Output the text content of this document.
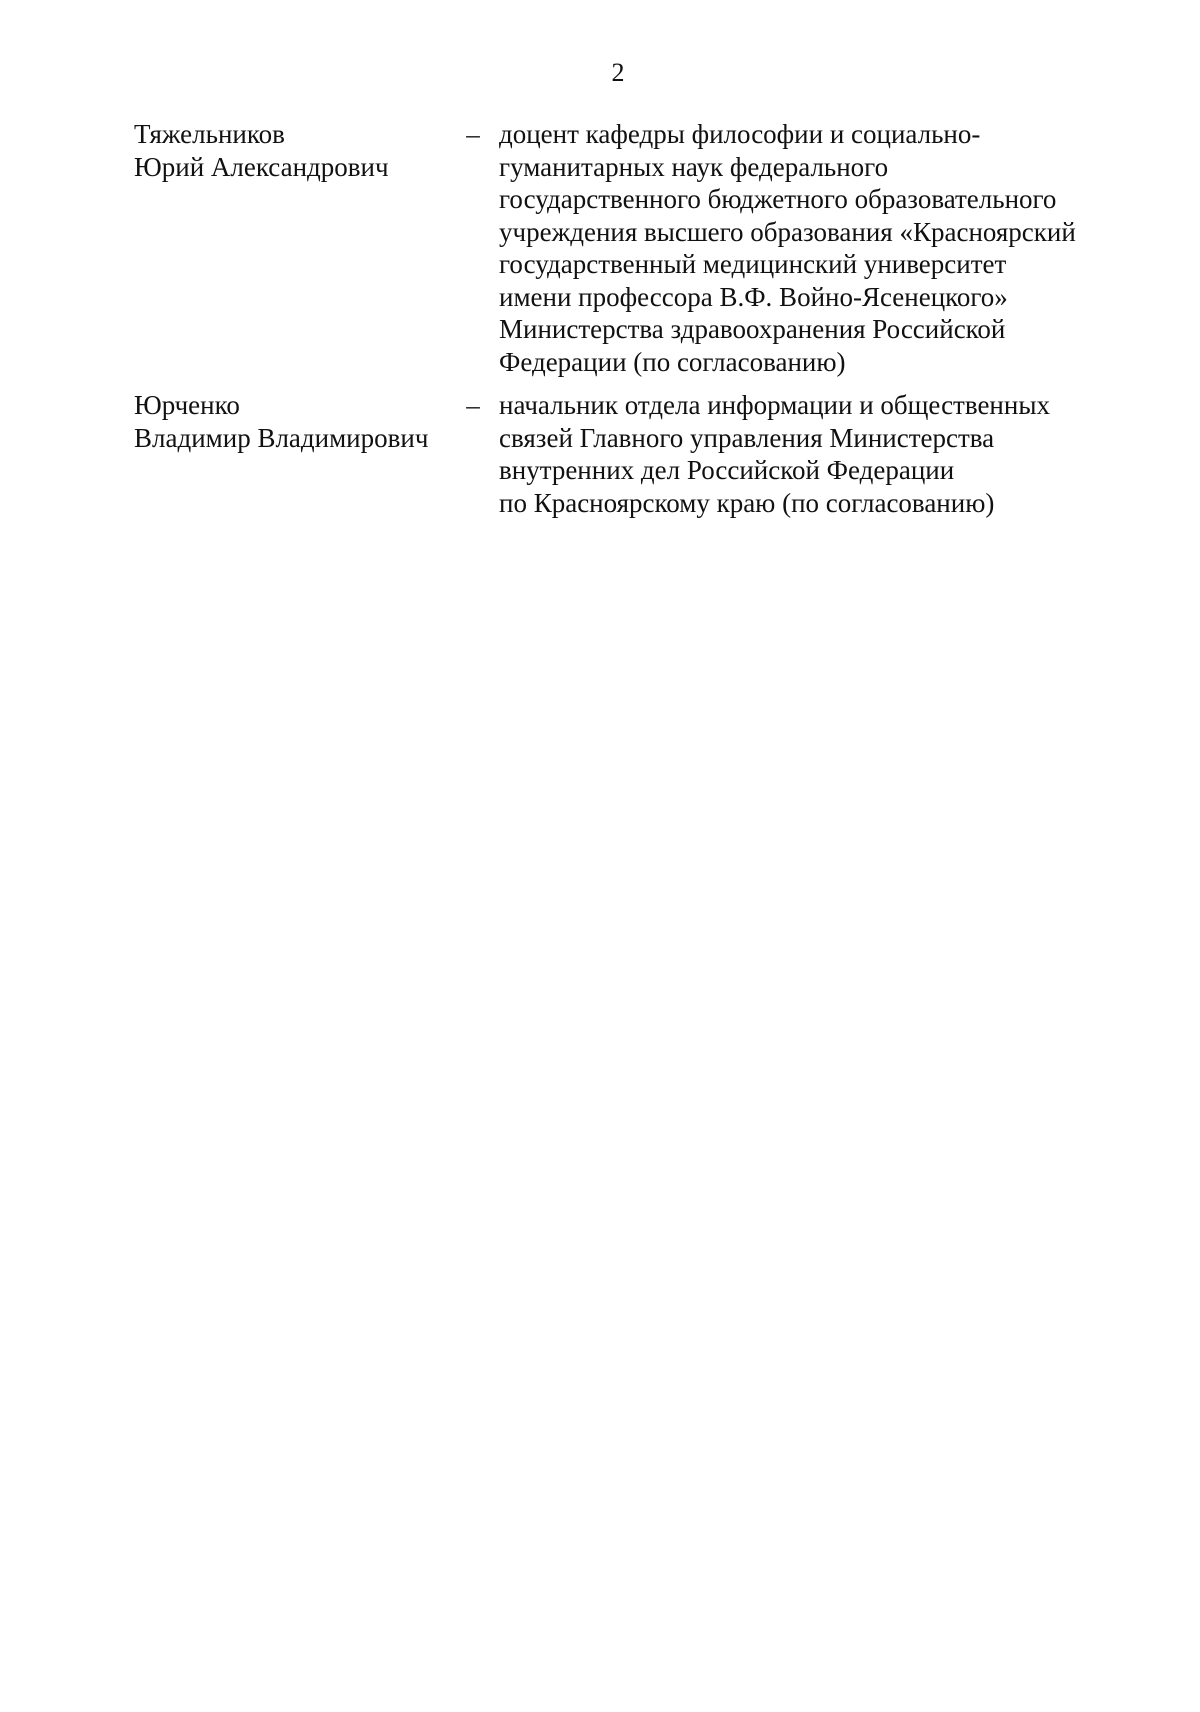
2
Тяжельников
Юрий Александрович
– доцент кафедры философии и социально-
гуманитарных наук федерального
государственного бюджетного образовательного
учреждения высшего образования «Красноярский
государственный медицинский университет
имени профессора В.Ф. Войно-Ясенецкого»
Министерства здравоохранения Российской
Федерации (по согласованию)
Юрченко
Владимир Владимирович
– начальник отдела информации и общественных
связей Главного управления Министерства
внутренних дел Российской Федерации
по Красноярскому краю (по согласованию)
